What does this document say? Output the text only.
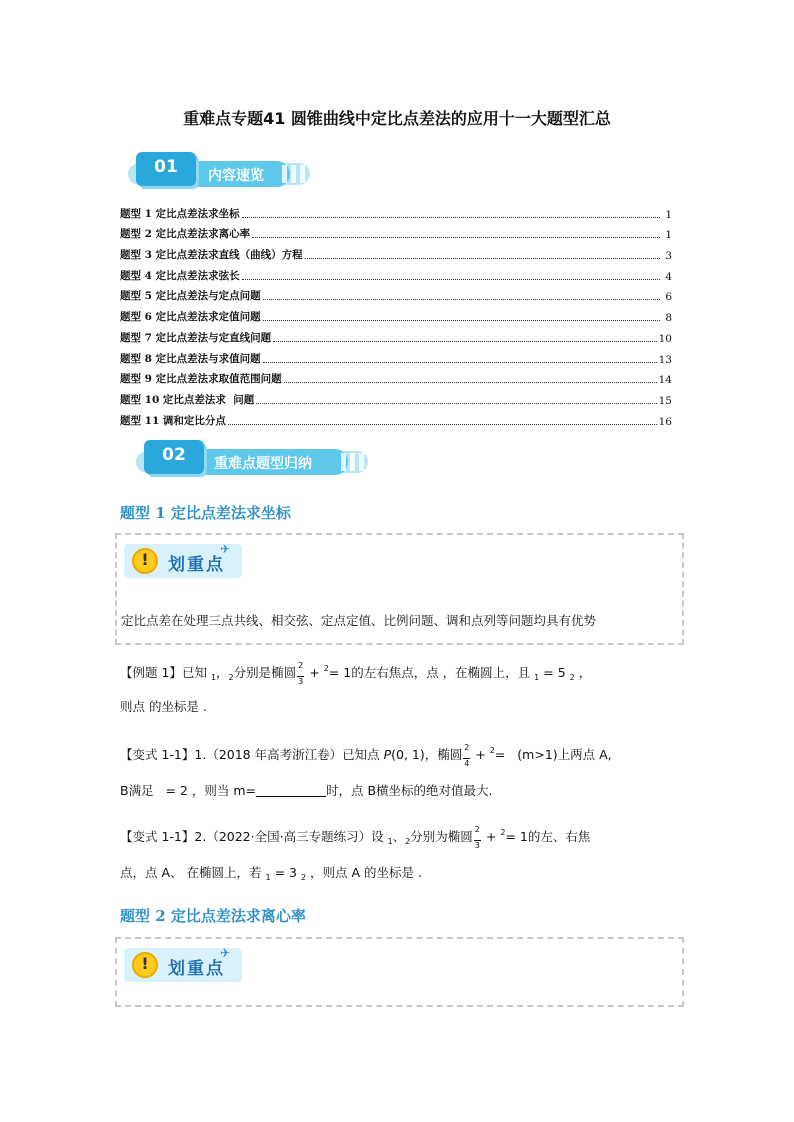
重难点专题41 圆锥曲线中定比点差法的应用十一大题型汇总
01	内容速览
题型 1 定比点差法求坐标	1
题型 2 定比点差法求离心率	1
题型 3 定比点差法求直线（曲线）方程	3
题型 4 定比点差法求弦长	4
题型 5 定比点差法与定点问题	6
题型 6 定比点差法求定值问题	8
题型 7 定比点差法与定直线问题	10
题型 8 定比点差法与求值问题	13
题型 9 定比点差法求取值范围问题	14
题型 10 定比点差法求  问题	15
题型 11 调和定比分点	16
02	重难点题型归纳
题型 1 定比点差法求坐标
!	划重点
✈
定比点差在处理三点共线、相交弦、定点定值、比例问题、调和点列等问题均具有优势
【例题 1】已知 $_1$，$_2$分别是椭圆 $\frac{2}{3} + ^2= 1$的左右焦点，点 ，在椭圆上，且 $_1$ = 5 $_2$ ，
则点 的坐标是 .
【变式 1-1】1.（2018 年高考浙江卷）已知点 P(0, 1)，椭圆 $\frac{2}{4} + ^2= (m>1)$上两点 A,
B满足 = 2 ，则当 m=	时，点 B横坐标的绝对值最大.
【变式 1-1】2.（2022·全国·高三专题练习）设 $_1$、$_2$分别为椭圆 $\frac{2}{3} + ^2= 1$的左、右焦
点，点 A、 在椭圆上，若 $_1$ = 3 $_2$ ，则点 A 的坐标是 .
题型 2 定比点差法求离心率
!	划重点
✈
